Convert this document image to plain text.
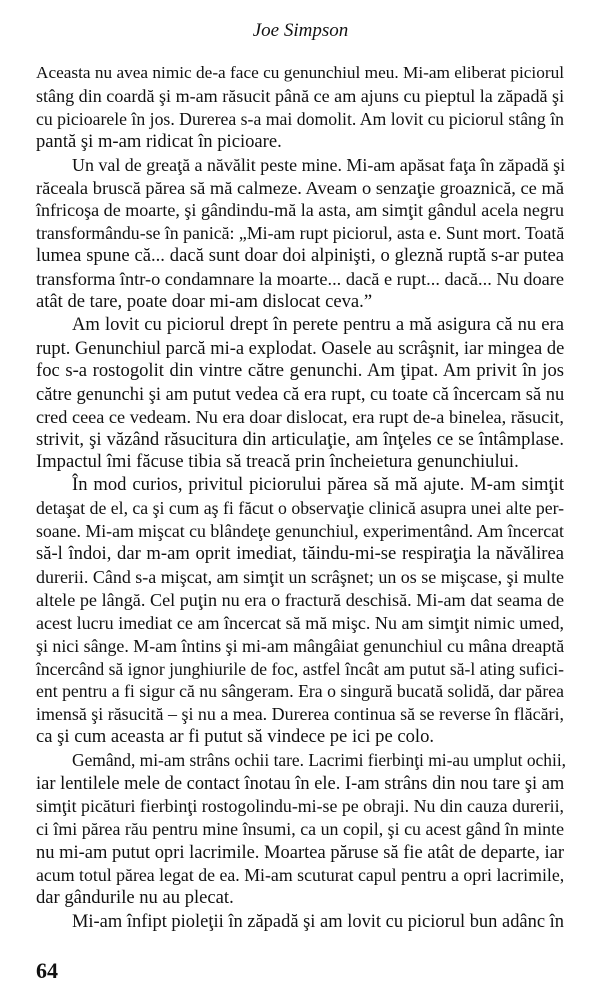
Joe Simpson
Aceasta nu avea nimic de-a face cu genunchiul meu. Mi-am eliberat piciorul
stâng din coardă şi m-am răsucit până ce am ajuns cu pieptul la zăpadă şi
cu picioarele în jos. Durerea s-a mai domolit. Am lovit cu piciorul stâng în
pantă şi m-am ridicat în picioare.
Un val de greaţă a năvălit peste mine. Mi-am apăsat faţa în zăpadă şi
răceala bruscă părea să mă calmeze. Aveam o senzaţie groaznică, ce mă
înfricoşa de moarte, şi gândindu-mă la asta, am simţit gândul acela negru
transformându-se în panică: „Mi-am rupt piciorul, asta e. Sunt mort. Toată
lumea spune că... dacă sunt doar doi alpinişti, o gleznă ruptă s-ar putea
transforma într-o condamnare la moarte... dacă e rupt... dacă... Nu doare
atât de tare, poate doar mi-am dislocat ceva.”
Am lovit cu piciorul drept în perete pentru a mă asigura că nu era
rupt. Genunchiul parcă mi-a explodat. Oasele au scrâşnit, iar mingea de
foc s-a rostogolit din vintre către genunchi. Am ţipat. Am privit în jos
către genunchi şi am putut vedea că era rupt, cu toate că încercam să nu
cred ceea ce vedeam. Nu era doar dislocat, era rupt de-a binelea, răsucit,
strivit, şi văzând răsucitura din articulaţie, am înţeles ce se întâmplase.
Impactul îmi făcuse tibia să treacă prin încheietura genunchiului.
În mod curios, privitul piciorului părea să mă ajute. M-am simţit
detaşat de el, ca şi cum aş fi făcut o observaţie clinică asupra unei alte per-
soane. Mi-am mişcat cu blândeţe genunchiul, experimentând. Am încercat
să-l îndoi, dar m-am oprit imediat, tăindu-mi-se respiraţia la năvălirea
durerii. Când s-a mişcat, am simţit un scrâşnet; un os se mişcase, şi multe
altele pe lângă. Cel puţin nu era o fractură deschisă. Mi-am dat seama de
acest lucru imediat ce am încercat să mă mişc. Nu am simţit nimic umed,
şi nici sânge. M-am întins şi mi-am mângâiat genunchiul cu mâna dreaptă
încercând să ignor junghiurile de foc, astfel încât am putut să-l ating sufici-
ent pentru a fi sigur că nu sângeram. Era o singură bucată solidă, dar părea
imensă şi răsucită – şi nu a mea. Durerea continua să se reverse în flăcări,
ca şi cum aceasta ar fi putut să vindece pe ici pe colo.
Gemând, mi-am strâns ochii tare. Lacrimi fierbinţi mi-au umplut ochii,
iar lentilele mele de contact înotau în ele. I-am strâns din nou tare şi am
simţit picături fierbinţi rostogolindu-mi-se pe obraji. Nu din cauza durerii,
ci îmi părea rău pentru mine însumi, ca un copil, şi cu acest gând în minte
nu mi-am putut opri lacrimile. Moartea păruse să fie atât de departe, iar
acum totul părea legat de ea. Mi-am scuturat capul pentru a opri lacrimile,
dar gândurile nu au plecat.
Mi-am înfipt pioleţii în zăpadă şi am lovit cu piciorul bun adânc în
64
